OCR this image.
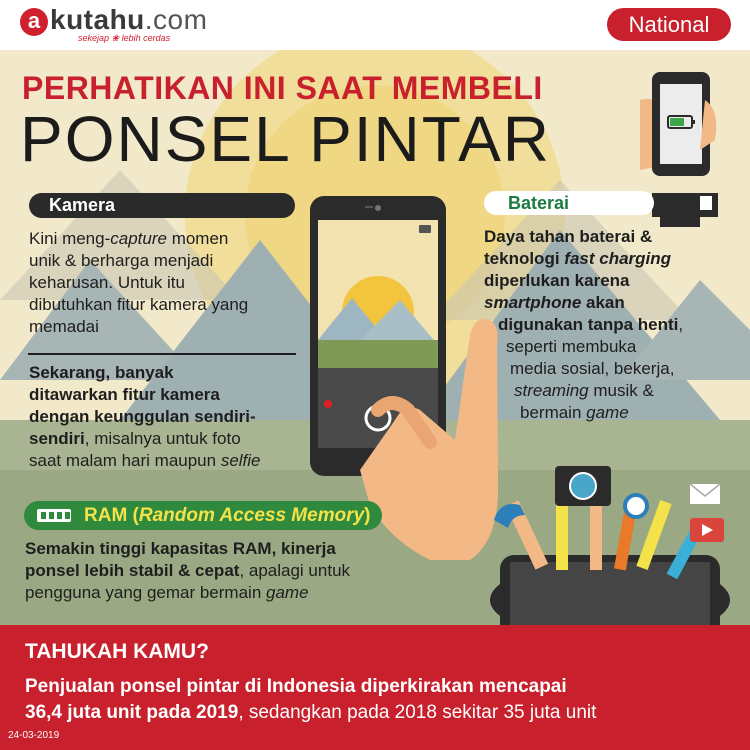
a kutahu.com
sekejap ❀ lebih cerdas
National
PERHATIKAN INI SAAT MEMBELI
PONSEL PINTAR
Kamera
Kini meng-capture momen
unik & berharga menjadi
keharusan. Untuk itu
dibutuhkan fitur kamera yang
memadai
Sekarang, banyak
ditawarkan fitur kamera
dengan keunggulan sendiri-
sendiri, misalnya untuk foto
saat malam hari maupun selfie
Baterai
Daya tahan baterai &
teknologi fast charging
diperlukan karena
smartphone akan
digunakan tanpa henti,
seperti membuka
media sosial, bekerja,
streaming musik &
bermain game
RAM (Random Access Memory)
Semakin tinggi kapasitas RAM, kinerja
ponsel lebih stabil & cepat, apalagi untuk
pengguna yang gemar bermain game
TAHUKAH KAMU?
Penjualan ponsel pintar di Indonesia diperkirakan mencapai
36,4 juta unit pada 2019, sedangkan pada 2018 sekitar 35 juta unit
24-03-2019
